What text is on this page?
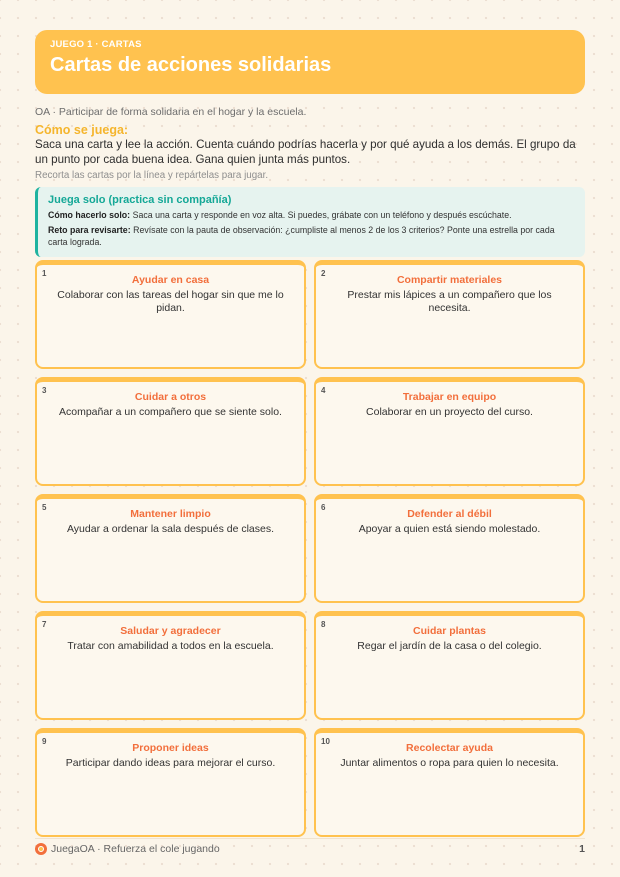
JUEGO 1 · CARTAS
Cartas de acciones solidarias
OA · Participar de forma solidaria en el hogar y la escuela.
Cómo se juega:
Saca una carta y lee la acción. Cuenta cuándo podrías hacerla y por qué ayuda a los demás. El grupo da un punto por cada buena idea. Gana quien junta más puntos.
Recorta las cartas por la línea y repártelas para jugar.
Juega solo (practica sin compañía)
Cómo hacerlo solo: Saca una carta y responde en voz alta. Si puedes, grábate con un teléfono y después escúchate.
Reto para revisarte: Revísate con la pauta de observación: ¿cumpliste al menos 2 de los 3 criterios? Ponte una estrella por cada carta lograda.
1
Ayudar en casa
Colaborar con las tareas del hogar sin que me lo pidan.
2
Compartir materiales
Prestar mis lápices a un compañero que los necesita.
3
Cuidar a otros
Acompañar a un compañero que se siente solo.
4
Trabajar en equipo
Colaborar en un proyecto del curso.
5
Mantener limpio
Ayudar a ordenar la sala después de clases.
6
Defender al débil
Apoyar a quien está siendo molestado.
7
Saludar y agradecer
Tratar con amabilidad a todos en la escuela.
8
Cuidar plantas
Regar el jardín de la casa o del colegio.
9
Proponer ideas
Participar dando ideas para mejorar el curso.
10
Recolectar ayuda
Juntar alimentos o ropa para quien lo necesita.
JuegaOA · Refuerza el cole jugando	1
